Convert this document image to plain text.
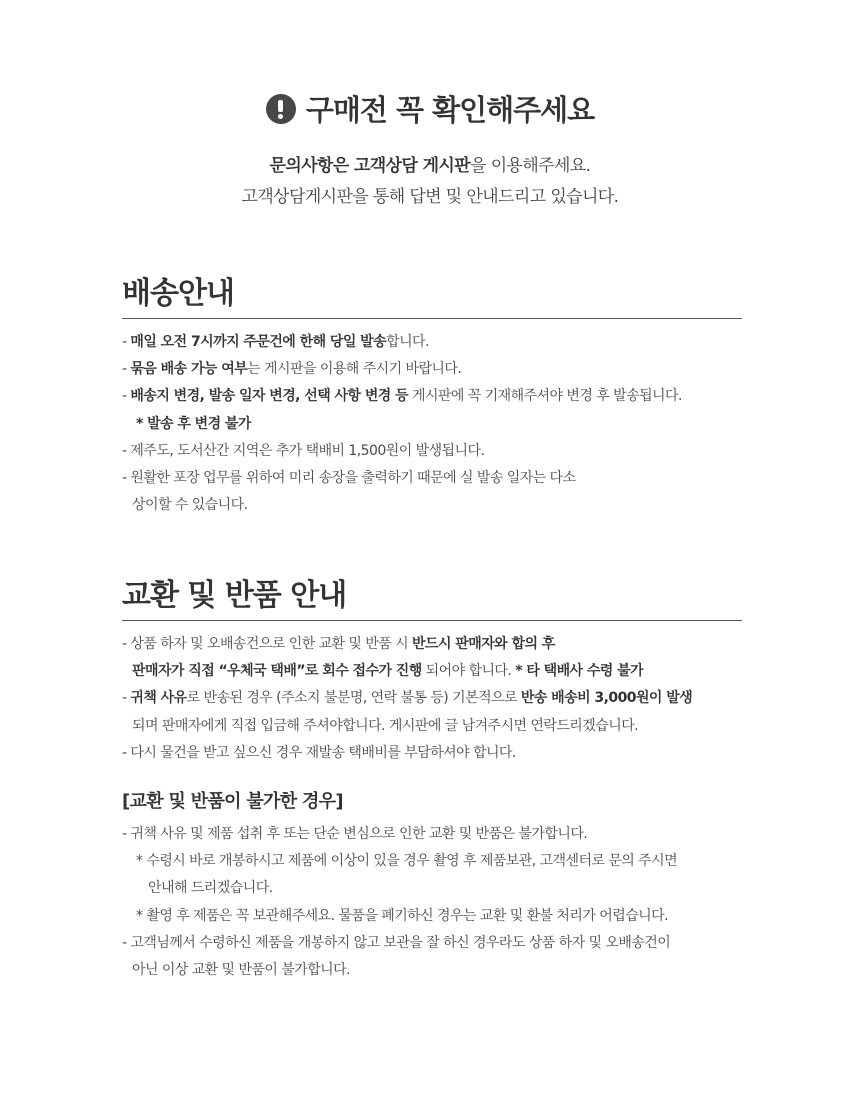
구매전 꼭 확인해주세요
문의사항은 고객상담 게시판을 이용해주세요.
고객상담게시판을 통해 답변 및 안내드리고 있습니다.
배송안내
- 매일 오전 7시까지 주문건에 한해 당일 발송합니다.
- 묶음 배송 가능 여부는 게시판을 이용해 주시기 바랍니다.
- 배송지 변경, 발송 일자 변경, 선택 사항 변경 등 게시판에 꼭 기재해주셔야 변경 후 발송됩니다.
* 발송 후 변경 불가
- 제주도, 도서산간 지역은 추가 택배비 1,500원이 발생됩니다.
- 원활한 포장 업무를 위하여 미리 송장을 출력하기 때문에 실 발송 일자는 다소
상이할 수 있습니다.
교환 및 반품 안내
- 상품 하자 및 오배송건으로 인한 교환 및 반품 시 반드시 판매자와 합의 후
판매자가 직접 “우체국 택배”로 회수 접수가 진행 되어야 합니다. * 타 택배사 수령 불가
- 귀책 사유로 반송된 경우 (주소지 불분명, 연락 불통 등) 기본적으로 반송 배송비 3,000원이 발생
되며 판매자에게 직접 입금해 주셔야합니다. 게시판에 글 남겨주시면 연락드리겠습니다.
- 다시 물건을 받고 싶으신 경우 재발송 택배비를 부담하셔야 합니다.
[교환 및 반품이 불가한 경우]
- 귀책 사유 및 제품 섭취 후 또는 단순 변심으로 인한 교환 및 반품은 불가합니다.
* 수령시 바로 개봉하시고 제품에 이상이 있을 경우 촬영 후 제품보관, 고객센터로 문의 주시면
안내해 드리겠습니다.
* 촬영 후 제품은 꼭 보관해주세요. 물품을 폐기하신 경우는 교환 및 환불 처리가 어렵습니다.
- 고객님께서 수령하신 제품을 개봉하지 않고 보관을 잘 하신 경우라도 상품 하자 및 오배송건이
아닌 이상 교환 및 반품이 불가합니다.
